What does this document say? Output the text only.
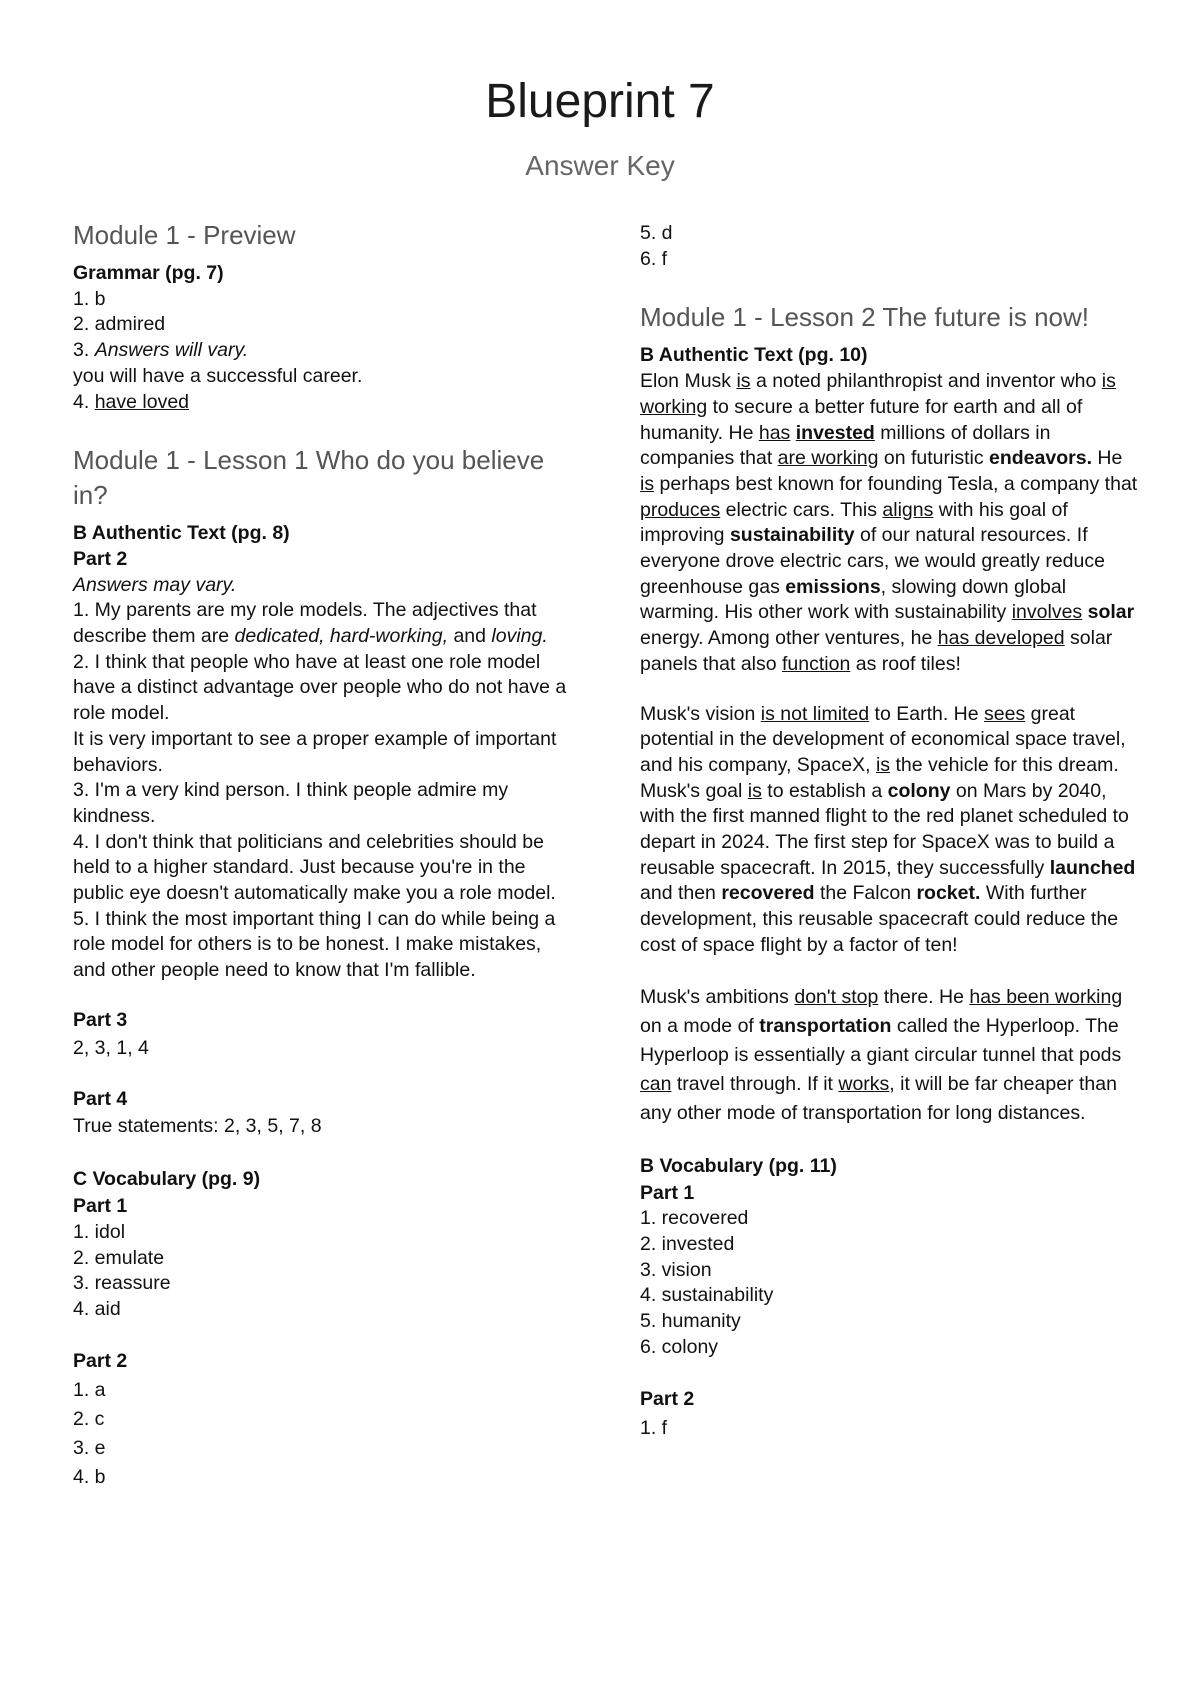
Blueprint 7
Answer Key
Module 1 - Preview
Grammar (pg. 7)
1. b
2. admired
3. Answers will vary.
you will have a successful career.
4. have loved
Module 1 - Lesson 1 Who do you believe in?
B Authentic Text (pg. 8)
Part 2
Answers may vary.
1. My parents are my role models. The adjectives that describe them are dedicated, hard-working, and loving.
2. I think that people who have at least one role model have a distinct advantage over people who do not have a role model.
It is very important to see a proper example of important behaviors.
3. I'm a very kind person. I think people admire my kindness.
4. I don't think that politicians and celebrities should be held to a higher standard. Just because you're in the public eye doesn't automatically make you a role model.
5. I think the most important thing I can do while being a role model for others is to be honest. I make mistakes, and other people need to know that I'm fallible.
Part 3
2, 3, 1, 4
Part 4
True statements: 2, 3, 5, 7, 8
C Vocabulary (pg. 9)
Part 1
1. idol
2. emulate
3. reassure
4. aid
Part 2
1. a
2. c
3. e
4. b
5. d
6. f
Module 1 - Lesson 2 The future is now!
B Authentic Text (pg. 10)

Elon Musk is a noted philanthropist and inventor who is working to secure a better future for earth and all of humanity. He has invested millions of dollars in companies that are working on futuristic endeavors. He is perhaps best known for founding Tesla, a company that produces electric cars. This aligns with his goal of improving sustainability of our natural resources. If everyone drove electric cars, we would greatly reduce greenhouse gas emissions, slowing down global warming. His other work with sustainability involves solar energy. Among other ventures, he has developed solar panels that also function as roof tiles!

Musk's vision is not limited to Earth. He sees great potential in the development of economical space travel, and his company, SpaceX, is the vehicle for this dream. Musk's goal is to establish a colony on Mars by 2040, with the first manned flight to the red planet scheduled to depart in 2024. The first step for SpaceX was to build a reusable spacecraft. In 2015, they successfully launched and then recovered the Falcon rocket. With further development, this reusable spacecraft could reduce the cost of space flight by a factor of ten!

Musk's ambitions don't stop there. He has been working on a mode of transportation called the Hyperloop. The Hyperloop is essentially a giant circular tunnel that pods can travel through. If it works, it will be far cheaper than any other mode of transportation for long distances.

B Vocabulary (pg. 11)
Part 1
1. recovered
2. invested
3. vision
4. sustainability
5. humanity
6. colony
Part 2
1. f
